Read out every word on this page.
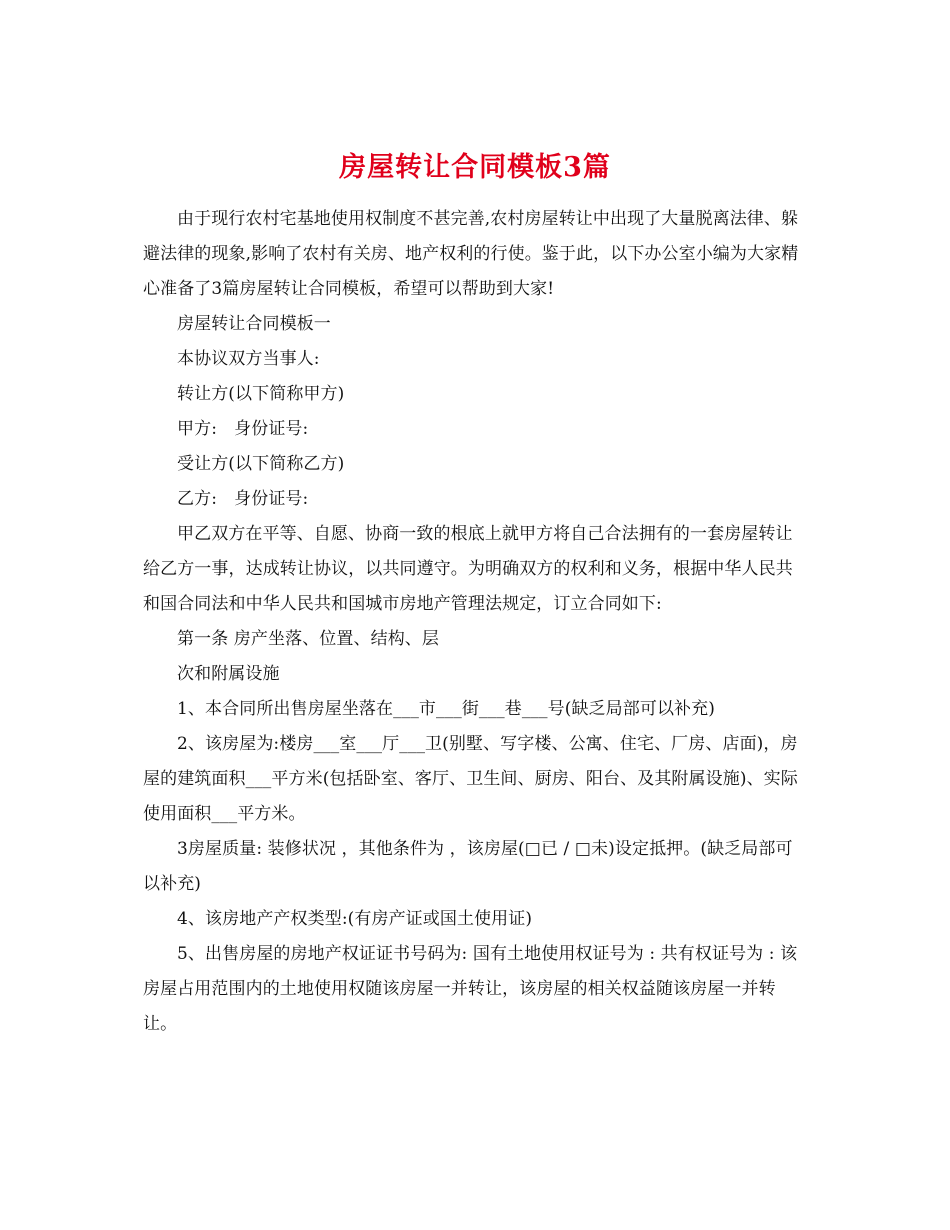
房屋转让合同模板3篇

由于现行农村宅基地使用权制度不甚完善,农村房屋转让中出现了大量脱离法律、躲避法律的现象,影响了农村有关房、地产权利的行使。鉴于此，以下办公室小编为大家精心准备了3篇房屋转让合同模板，希望可以帮助到大家!

房屋转让合同模板一

本协议双方当事人:

转让方(以下简称甲方)

甲方:　身份证号:

受让方(以下简称乙方)

乙方:　身份证号:

甲乙双方在平等、自愿、协商一致的根底上就甲方将自己合法拥有的一套房屋转让给乙方一事，达成转让协议，以共同遵守。为明确双方的权利和义务，根据中华人民共和国合同法和中华人民共和国城市房地产管理法规定，订立合同如下:

第一条 房产坐落、位置、结构、层

次和附属设施

1、本合同所出售房屋坐落在___市___街___巷___号(缺乏局部可以补充)

2、该房屋为:楼房___室___厅___卫(别墅、写字楼、公寓、住宅、厂房、店面)，房屋的建筑面积___平方米(包括卧室、客厅、卫生间、厨房、阳台、及其附属设施)、实际使用面积___平方米。

3房屋质量: 装修状况 ，其他条件为 ，该房屋(□已 / □未)设定抵押。(缺乏局部可以补充)

4、该房地产产权类型:(有房产证或国土使用证)

5、出售房屋的房地产权证证书号码为: 国有土地使用权证号为 : 共有权证号为 : 该房屋占用范围内的土地使用权随该房屋一并转让，该房屋的相关权益随该房屋一并转让。
